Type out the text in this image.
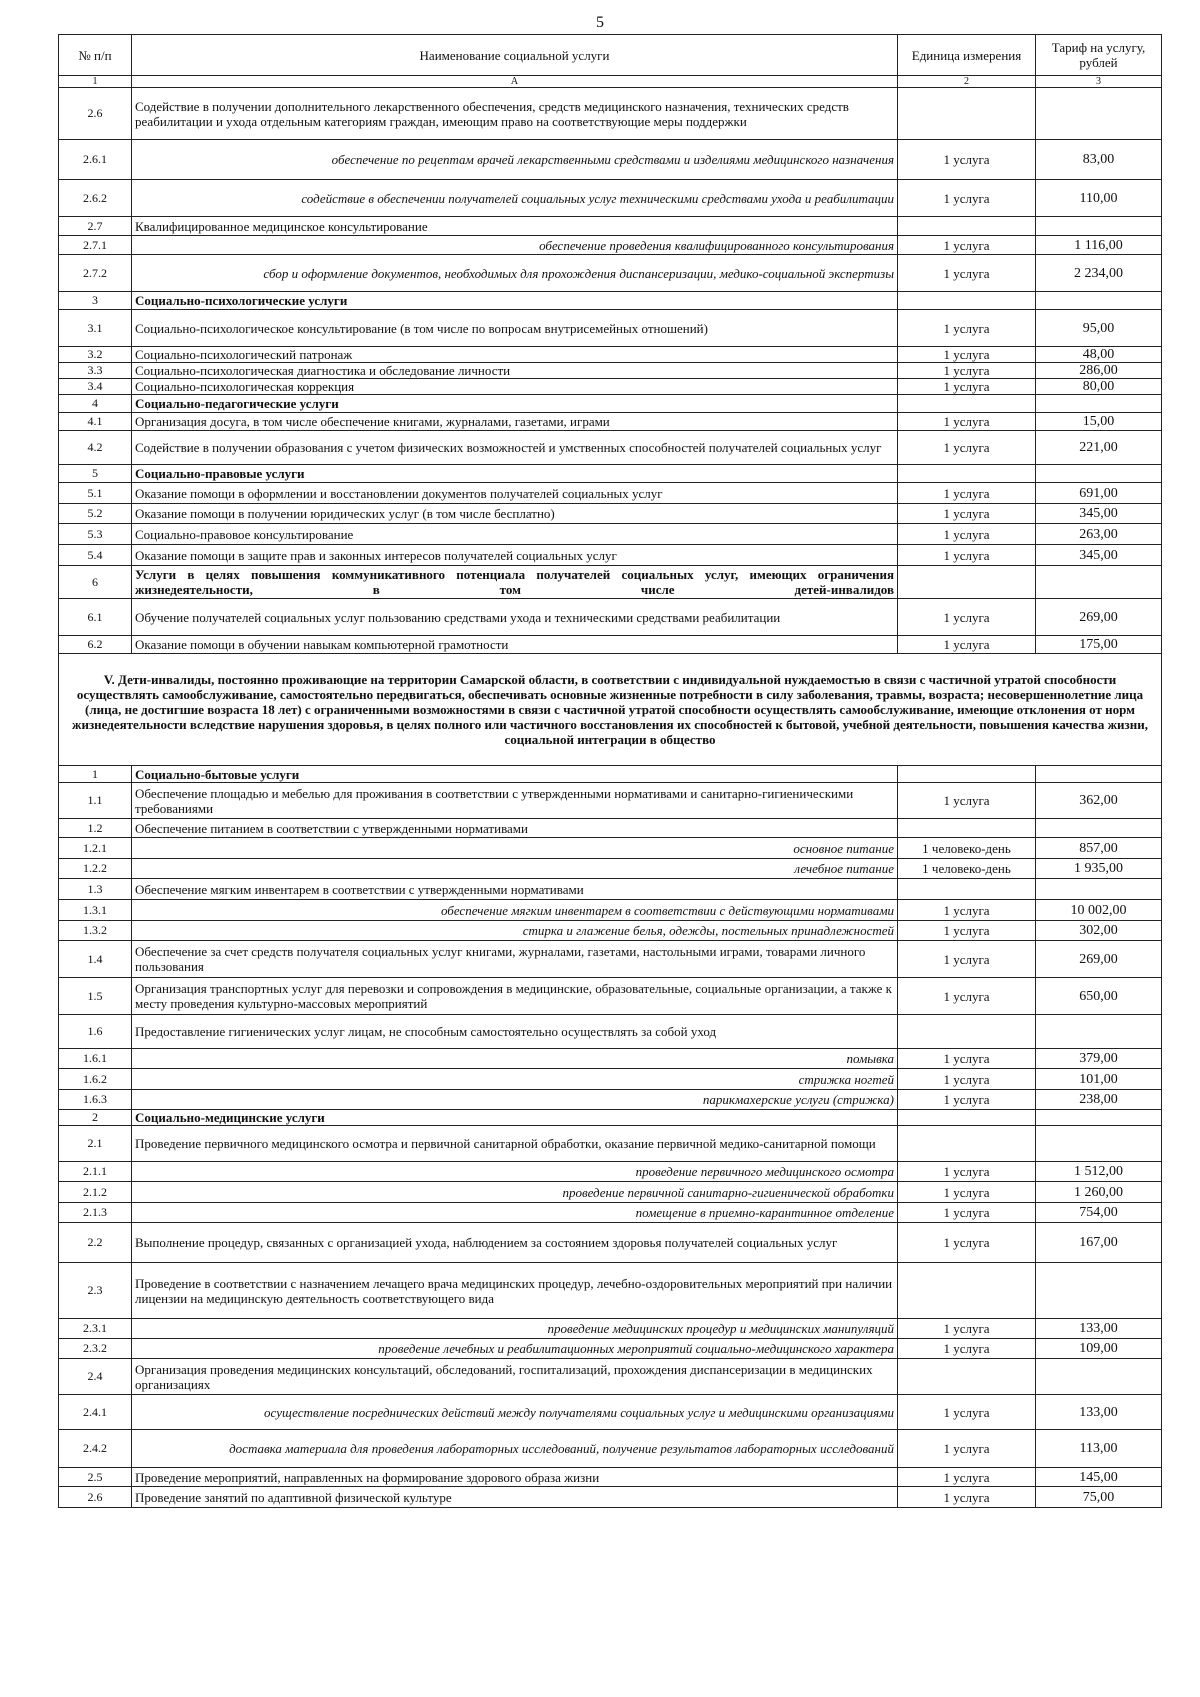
5
№ п/п	Наименование социальной услуги	Единица измерения	Тариф на услугу, рублей
1	А	2	3
2.6	Содействие в получении дополнительного лекарственного обеспечения, средств медицинского назначения, технических средств реабилитации и ухода отдельным категориям граждан, имеющим право на соответствующие меры поддержки		
2.6.1	обеспечение по рецептам врачей лекарственными средствами и изделиями медицинского назначения	1 услуга	83,00
2.6.2	содействие в обеспечении получателей социальных услуг техническими средствами ухода и реабилитации	1 услуга	110,00
2.7	Квалифицированное медицинское консультирование		
2.7.1	обеспечение проведения квалифицированного консультирования	1 услуга	1 116,00
2.7.2	сбор и оформление документов, необходимых для прохождения диспансеризации, медико-социальной экспертизы	1 услуга	2 234,00
3	Социально-психологические услуги		
3.1	Социально-психологическое консультирование (в том числе по вопросам внутрисемейных отношений)	1 услуга	95,00
3.2	Социально-психологический патронаж	1 услуга	48,00
3.3	Социально-психологическая диагностика и обследование личности	1 услуга	286,00
3.4	Социально-психологическая коррекция	1 услуга	80,00
4	Социально-педагогические услуги		
4.1	Организация досуга, в том числе обеспечение книгами, журналами, газетами, играми	1 услуга	15,00
4.2	Содействие в получении образования с учетом физических возможностей и умственных способностей получателей социальных услуг	1 услуга	221,00
5	Социально-правовые услуги		
5.1	Оказание помощи в оформлении и восстановлении документов получателей социальных услуг	1 услуга	691,00
5.2	Оказание помощи в получении юридических услуг (в том числе бесплатно)	1 услуга	345,00
5.3	Социально-правовое консультирование	1 услуга	263,00
5.4	Оказание помощи в защите прав и законных интересов получателей социальных услуг	1 услуга	345,00
6	Услуги в целях повышения коммуникативного потенциала получателей социальных услуг, имеющих ограничения жизнедеятельности, в том числе детей-инвалидов		
6.1	Обучение получателей социальных услуг пользованию средствами ухода и техническими средствами реабилитации	1 услуга	269,00
6.2	Оказание помощи в обучении навыкам компьютерной грамотности	1 услуга	175,00
V. Дети-инвалиды, постоянно проживающие на территории Самарской области, в соответствии с индивидуальной нуждаемостью в связи с частичной утратой способности осуществлять самообслуживание, самостоятельно передвигаться, обеспечивать основные жизненные потребности в силу заболевания, травмы, возраста; несовершеннолетние лица (лица, не достигшие возраста 18 лет) с ограниченными возможностями в связи с частичной утратой способности осуществлять самообслуживание, имеющие отклонения от норм жизнедеятельности вследствие нарушения здоровья, в целях полного или частичного восстановления их способностей к бытовой, учебной деятельности, повышения качества жизни, социальной интеграции в общество			
1	Социально-бытовые услуги		
1.1	Обеспечение площадью и мебелью для проживания в соответствии с утвержденными нормативами и санитарно-гигиеническими требованиями	1 услуга	362,00
1.2	Обеспечение питанием в соответствии с утвержденными нормативами		
1.2.1	основное питание	1 человеко-день	857,00
1.2.2	лечебное питание	1 человеко-день	1 935,00
1.3	Обеспечение мягким инвентарем в соответствии с утвержденными нормативами		
1.3.1	обеспечение мягким инвентарем в соответствии с действующими нормативами	1 услуга	10 002,00
1.3.2	стирка и глажение белья, одежды, постельных принадлежностей	1 услуга	302,00
1.4	Обеспечение за счет средств получателя социальных услуг книгами, журналами, газетами, настольными играми, товарами личного пользования	1 услуга	269,00
1.5	Организация транспортных услуг для перевозки и сопровождения в медицинские, образовательные, социальные организации, а также к месту проведения культурно-массовых мероприятий	1 услуга	650,00
1.6	Предоставление гигиенических услуг лицам, не способным самостоятельно осуществлять за собой уход		
1.6.1	помывка	1 услуга	379,00
1.6.2	стрижка ногтей	1 услуга	101,00
1.6.3	парикмахерские услуги (стрижка)	1 услуга	238,00
2	Социально-медицинские услуги		
2.1	Проведение первичного медицинского осмотра и первичной санитарной обработки, оказание первичной медико-санитарной помощи		
2.1.1	проведение первичного медицинского осмотра	1 услуга	1 512,00
2.1.2	проведение первичной санитарно-гигиенической обработки	1 услуга	1 260,00
2.1.3	помещение в приемно-карантинное отделение	1 услуга	754,00
2.2	Выполнение процедур, связанных с организацией ухода, наблюдением за состоянием здоровья получателей социальных услуг	1 услуга	167,00
2.3	Проведение в соответствии с назначением лечащего врача медицинских процедур, лечебно-оздоровительных мероприятий при наличии лицензии на медицинскую деятельность соответствующего вида		
2.3.1	проведение медицинских процедур и медицинских манипуляций	1 услуга	133,00
2.3.2	проведение лечебных и реабилитационных мероприятий социально-медицинского характера	1 услуга	109,00
2.4	Организация проведения медицинских консультаций, обследований, госпитализаций, прохождения диспансеризации в медицинских организациях		
2.4.1	осуществление посреднических действий между получателями социальных услуг и медицинскими организациями	1 услуга	133,00
2.4.2	доставка материала для проведения лабораторных исследований, получение результатов лабораторных исследований	1 услуга	113,00
2.5	Проведение мероприятий, направленных на формирование здорового образа жизни	1 услуга	145,00
2.6	Проведение занятий по адаптивной физической культуре	1 услуга	75,00
